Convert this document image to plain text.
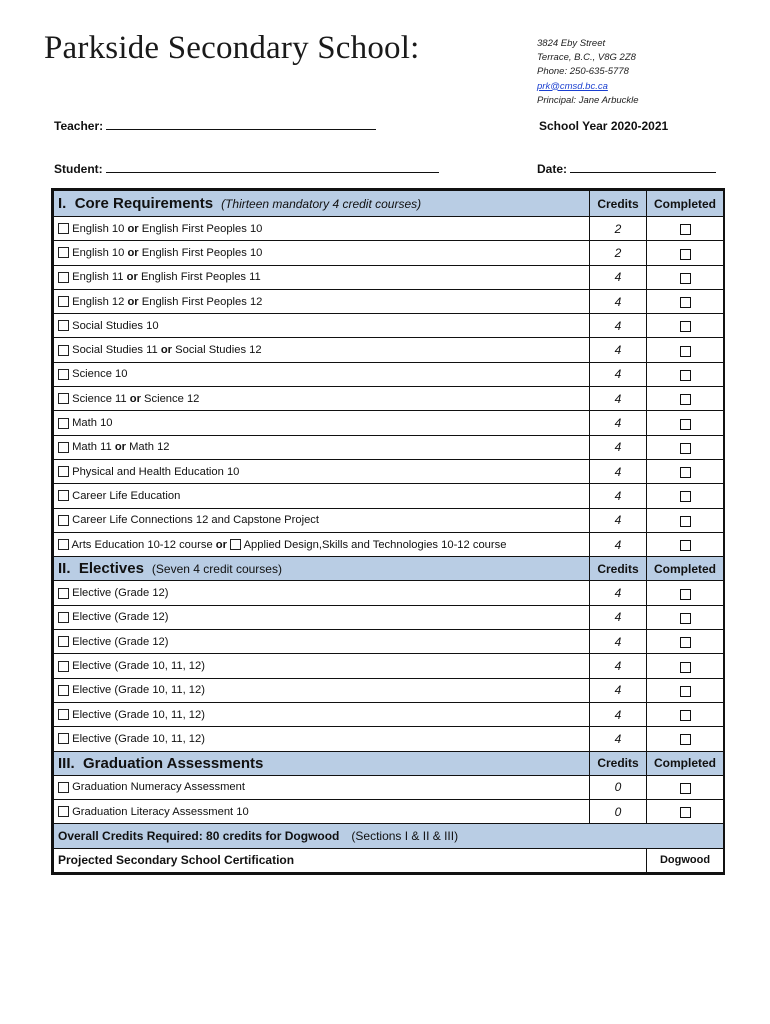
Parkside Secondary School:	3824 Eby Street
Terrace, B.C., V8G 2Z8
Phone: 250-635-5778
prk@cmsd.bc.ca
Principal: Jane Arbuckle
Teacher:	School Year 2020-2021
Student:	Date:
I. Core Requirements (Thirteen mandatory 4 credit courses)	Credits	Completed
English 10 or English First Peoples 10	2	
English 10 or English First Peoples 10	2	
English 11 or English First Peoples 11	4	
English 12 or English First Peoples 12	4	
Social Studies 10	4	
Social Studies 11 or Social Studies 12	4	
Science 10	4	
Science 11 or Science 12	4	
Math 10	4	
Math 11 or Math 12	4	
Physical and Health Education 10	4	
Career Life Education	4	
Career Life Connections 12 and Capstone Project	4	
Arts Education 10-12 course or Applied Design,Skills and Technologies 10-12 course	4	
II. Electives (Seven 4 credit courses)	Credits	Completed
Elective (Grade 12)	4	
Elective (Grade 12)	4	
Elective (Grade 12)	4	
Elective (Grade 10, 11, 12)	4	
Elective (Grade 10, 11, 12)	4	
Elective (Grade 10, 11, 12)	4	
Elective (Grade 10, 11, 12)	4	
III. Graduation Assessments	Credits	Completed
Graduation Numeracy Assessment	0	
Graduation Literacy Assessment 10	0	
Overall Credits Required: 80 credits for Dogwood (Sections I & II & III)		
Projected Secondary School Certification		Dogwood
